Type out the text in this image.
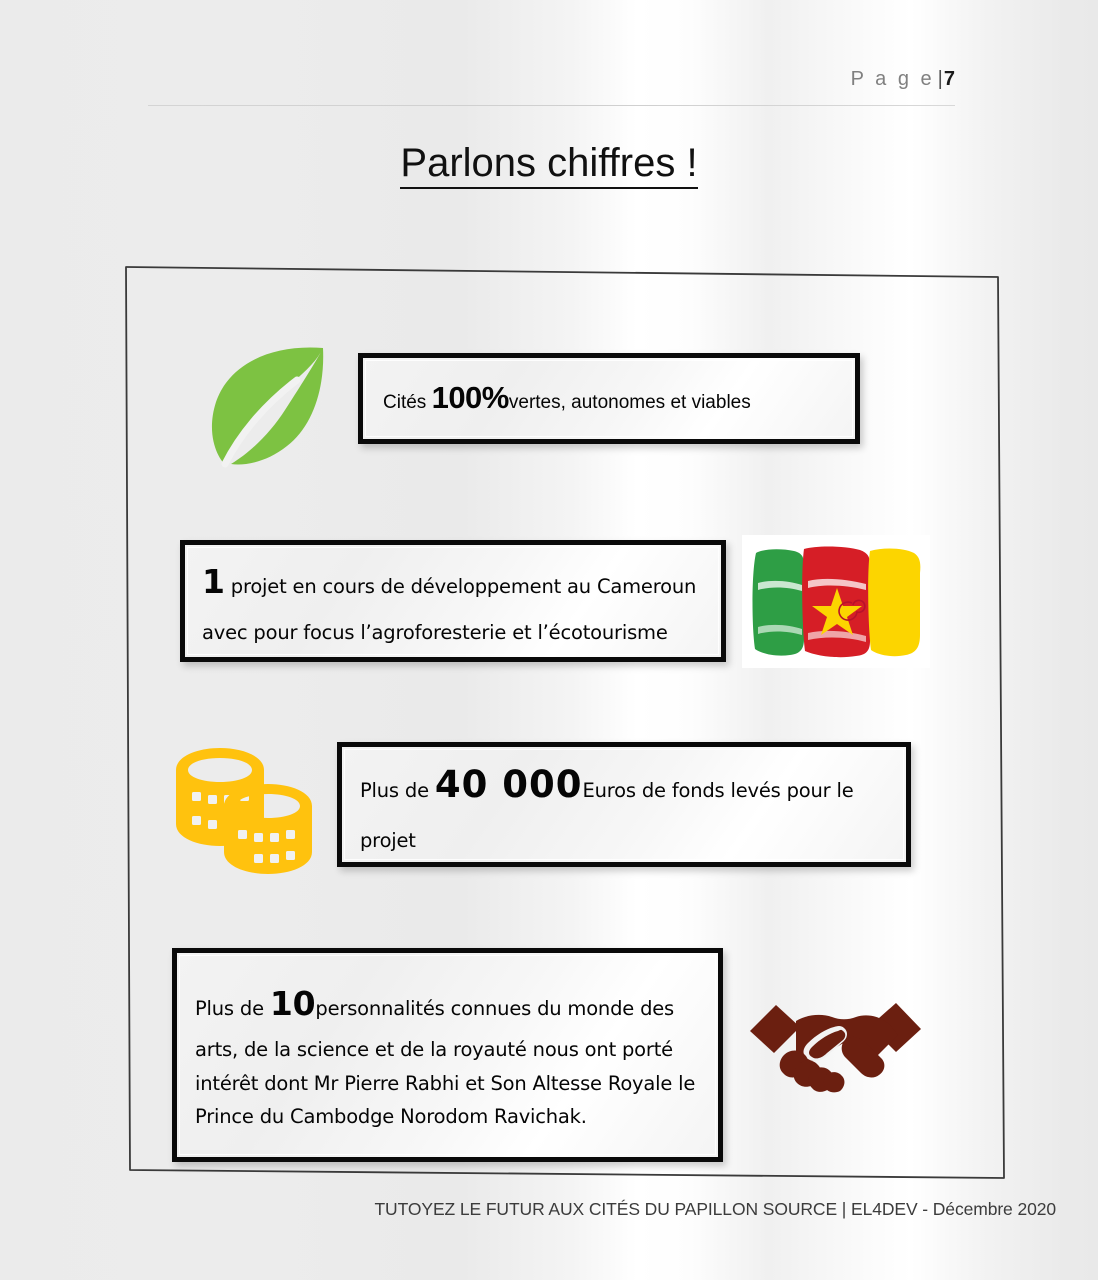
P a g e |7
Parlons chiffres !
Cités 100%vertes, autonomes et viables
1 projet en cours de développement au Cameroun avec pour focus l’agroforesterie et l’écotourisme
Plus de 40 000Euros de fonds levés pour le projet
Plus de 10personnalités connues du monde des arts, de la science et de la royauté nous ont porté intérêt dont Mr Pierre Rabhi et Son Altesse Royale le Prince du Cambodge Norodom Ravichak.
TUTOYEZ LE FUTUR AUX CITÉS DU PAPILLON SOURCE | EL4DEV - Décembre 2020
